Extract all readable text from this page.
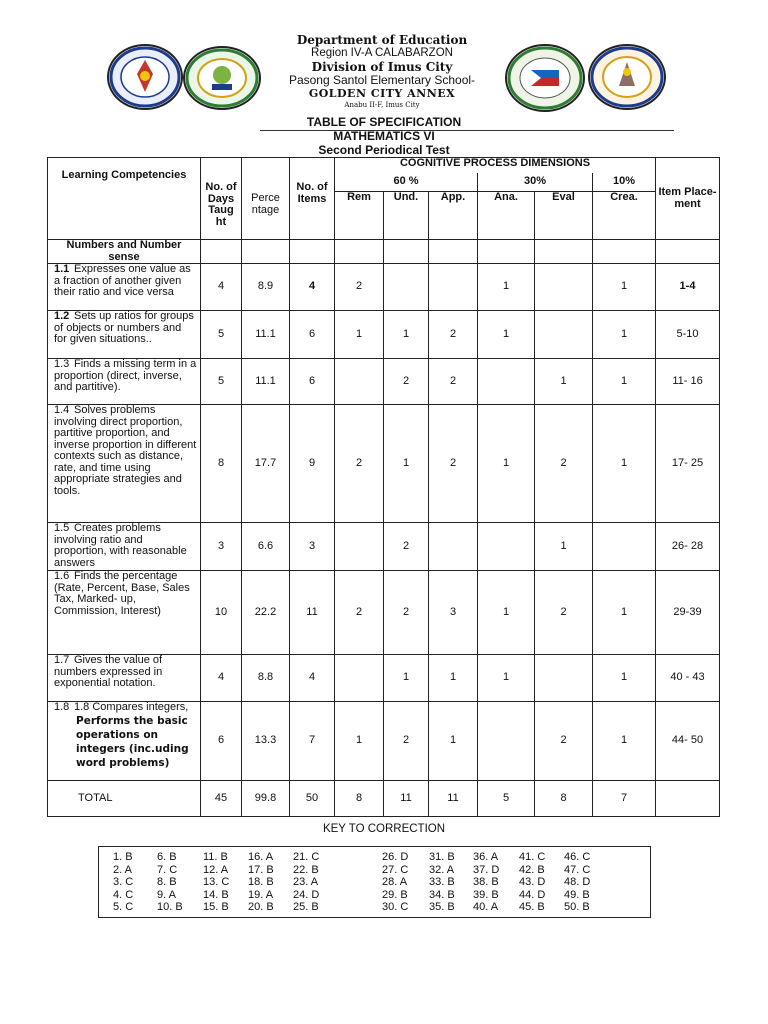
Department of Education
Region IV-A CALABARZON
Division of Imus City
Pasong Santol Elementary School-
GOLDEN CITY ANNEX
Anabu II-F, Imus City
TABLE OF SPECIFICATION
MATHEMATICS VI
Second Periodical Test
Learning Competencies	No. of Days Taug ht	Perce ntage	No. of Items	COGNITIVE PROCESS DIMENSIONS						Item Place- ment
				60 %			30%		10%	
				Rem	Und.	App.	Ana.	Eval	Crea.	
Numbers and Number sense										
1.1 Expresses one value as a fraction of another given their ratio and vice versa	4	8.9	4	2			1		1	1-4
1.2 Sets up ratios for groups of objects or numbers and for given situations..	5	11.1	6	1	1	2	1		1	5-10
1.3 Finds a missing term in a proportion (direct, inverse, and partitive).	5	11.1	6		2	2		1	1	11- 16
1.4 Solves problems involving direct proportion, partitive proportion, and inverse proportion in different contexts such as distance, rate, and time using appropriate strategies and tools.	8	17.7	9	2	1	2	1	2	1	17- 25
1.5 Creates problems involving ratio and proportion, with reasonable answers	3	6.6	3		2			1		26- 28
1.6 Finds the percentage (Rate, Percent, Base, Sales Tax, Marked- up, Commission, Interest)	10	22.2	11	2	2	3	1	2	1	29-39
1.7 Gives the value of numbers expressed in exponential notation.	4	8.8	4		1	1	1		1	40 - 43
1.8 1.8 Compares integers,
Performs the basic operations on integers (inc.uding word problems)	6	13.3	7	1	2	1		2	1	44- 50
TOTAL	45	99.8	50	8	11	11	5	8	7	
KEY TO CORRECTION
1. B
2. A
3. C
4. C
5. C
6. B
7. C
8. B
9. A
10. B
11. B
12. A
13. C
14. B
15. B
16. A
17. B
18. B
19. A
20. B
21. C
22. B
23. A
24. D
25. B
26. D
27. C
28. A
29. B
30. C
31. B
32. A
33. B
34. B
35. B
36. A
37. D
38. B
39. B
40. A
41. C
42. B
43. D
44. D
45. B
46. C
47. C
48. D
49. B
50. B
